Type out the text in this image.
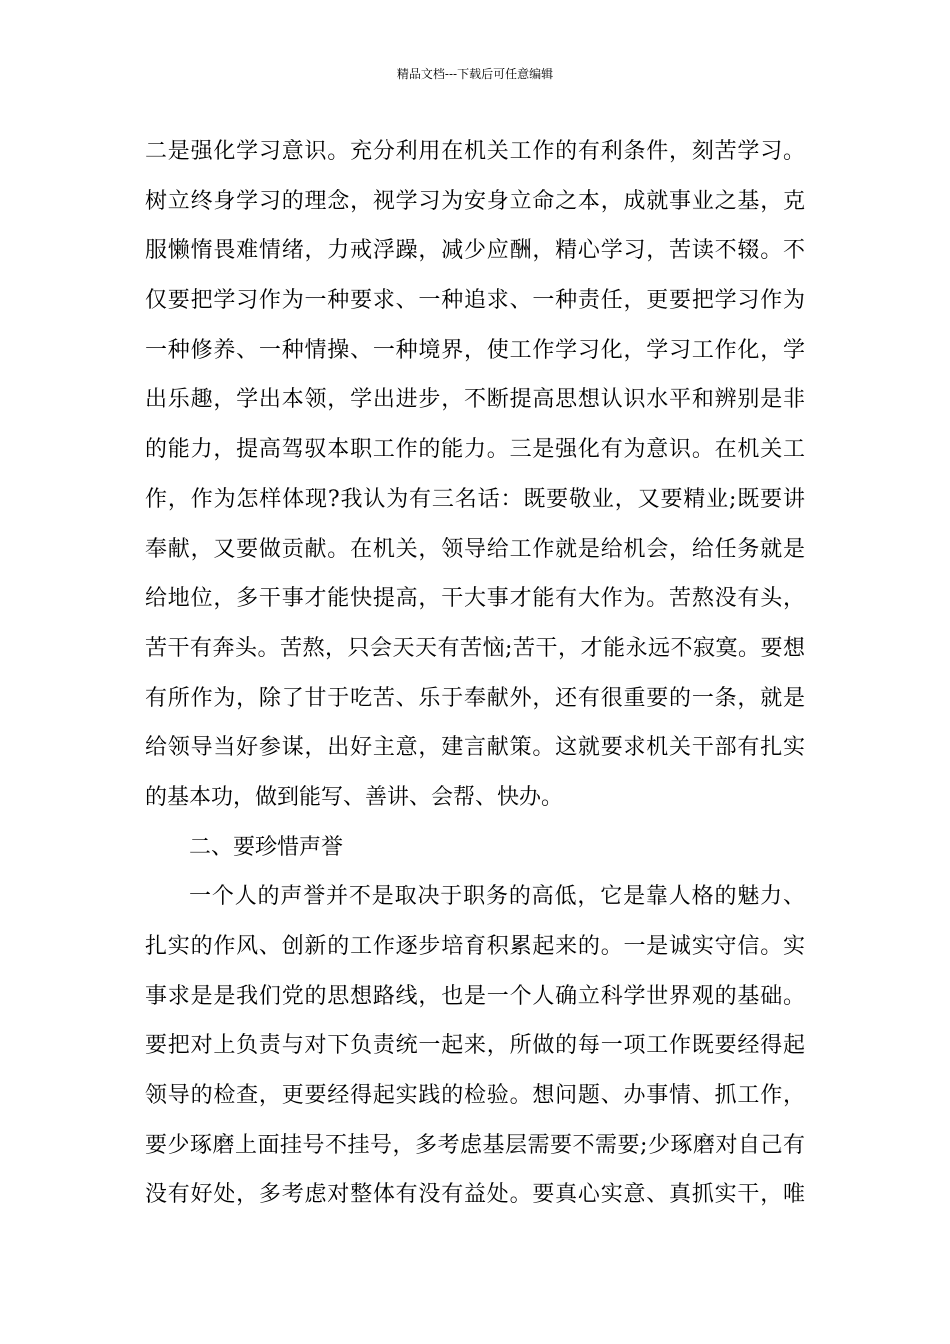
精品文档---下载后可任意编辑
二是强化学习意识。充分利用在机关工作的有利条件，刻苦学习。
树立终身学习的理念，视学习为安身立命之本，成就事业之基，克
服懒惰畏难情绪，力戒浮躁，减少应酬，精心学习，苦读不辍。不
仅要把学习作为一种要求、一种追求、一种责任，更要把学习作为
一种修养、一种情操、一种境界，使工作学习化，学习工作化，学
出乐趣，学出本领，学出进步，不断提高思想认识水平和辨别是非
的能力，提高驾驭本职工作的能力。三是强化有为意识。在机关工
作，作为怎样体现?我认为有三名话：既要敬业，又要精业;既要讲
奉献，又要做贡献。在机关，领导给工作就是给机会，给任务就是
给地位，多干事才能快提高，干大事才能有大作为。苦熬没有头，
苦干有奔头。苦熬，只会天天有苦恼;苦干，才能永远不寂寞。要想
有所作为，除了甘于吃苦、乐于奉献外，还有很重要的一条，就是
给领导当好参谋，出好主意，建言献策。这就要求机关干部有扎实
的基本功，做到能写、善讲、会帮、快办。
二、要珍惜声誉
一个人的声誉并不是取决于职务的高低，它是靠人格的魅力、
扎实的作风、创新的工作逐步培育积累起来的。一是诚实守信。实
事求是是我们党的思想路线，也是一个人确立科学世界观的基础。
要把对上负责与对下负责统一起来，所做的每一项工作既要经得起
领导的检查，更要经得起实践的检验。想问题、办事情、抓工作，
要少琢磨上面挂号不挂号，多考虑基层需要不需要;少琢磨对自己有
没有好处，多考虑对整体有没有益处。要真心实意、真抓实干，唯
